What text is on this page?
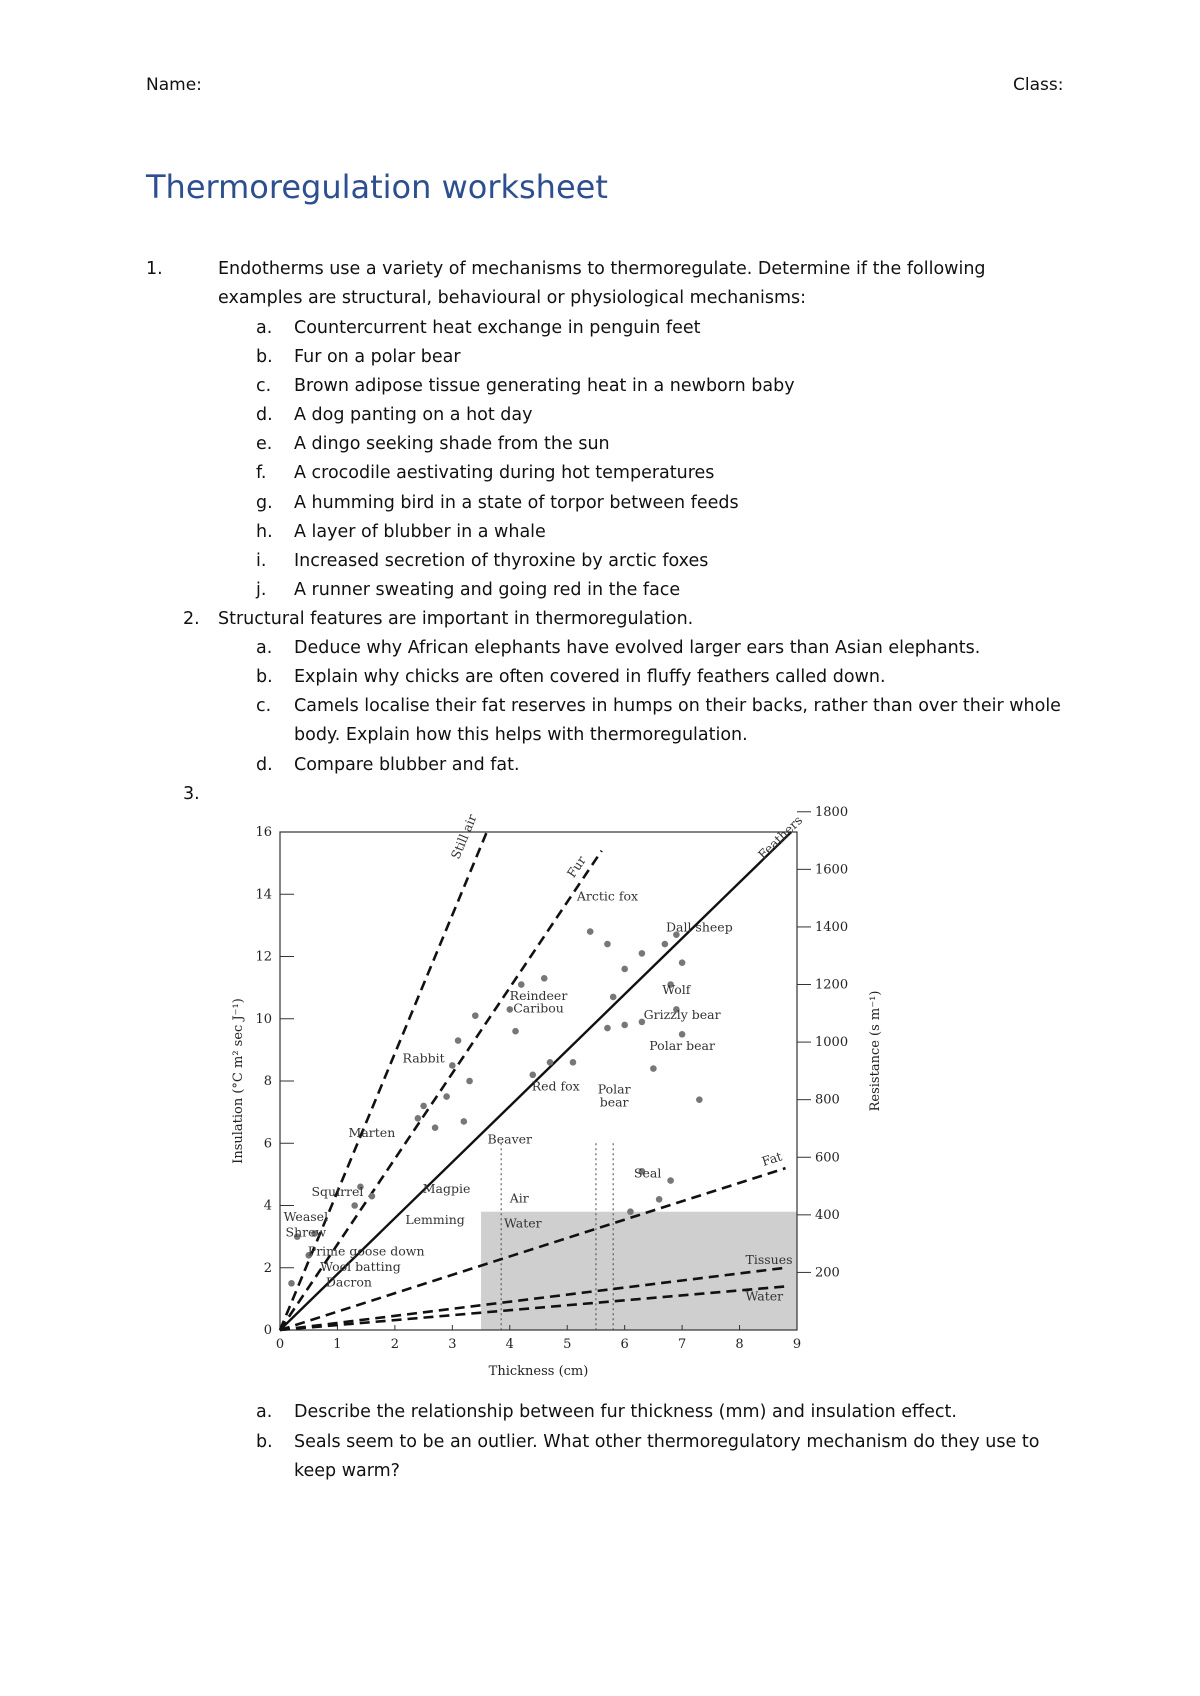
Name:	Class:
Thermoregulation worksheet
1.	Endotherms use a variety of mechanisms to thermoregulate. Determine if the following examples are structural, behavioural or physiological mechanisms:
a. Countercurrent heat exchange in penguin feet
b. Fur on a polar bear
c. Brown adipose tissue generating heat in a newborn baby
d. A dog panting on a hot day
e. A dingo seeking shade from the sun
f. A crocodile aestivating during hot temperatures
g. A humming bird in a state of torpor between feeds
h. A layer of blubber in a whale
i. Increased secretion of thyroxine by arctic foxes
j. A runner sweating and going red in the face
2. Structural features are important in thermoregulation.
a. Deduce why African elephants have evolved larger ears than Asian elephants.
b. Explain why chicks are often covered in fluffy feathers called down.
c. Camels localise their fat reserves in humps on their backs, rather than over their whole body. Explain how this helps with thermoregulation.
d. Compare blubber and fat.
3.
0	1	2	3	4	5	6	7	8	9
0
2
4
6
8
10
12
14
16
200
400
600
800
1000
1200
1400
1600
1800
Thickness (cm)
Insulation (°C m² sec J⁻¹)	Resistance (s m⁻¹)
Air
Water
Still air
Fur
Feathers
Fat
Tissues
Water
Weasel
Shrew
Squirrel
Marten
Rabbit
Beaver
Red fox
Reindeer
Caribou
Arctic fox
Dall sheep
Wolf
Grizzly bear
Polar bear
Polar
bear
Seal
Magpie
Lemming
Prime goose down
Wool batting
Dacron
a. Describe the relationship between fur thickness (mm) and insulation effect.
b. Seals seem to be an outlier. What other thermoregulatory mechanism do they use to keep warm?
